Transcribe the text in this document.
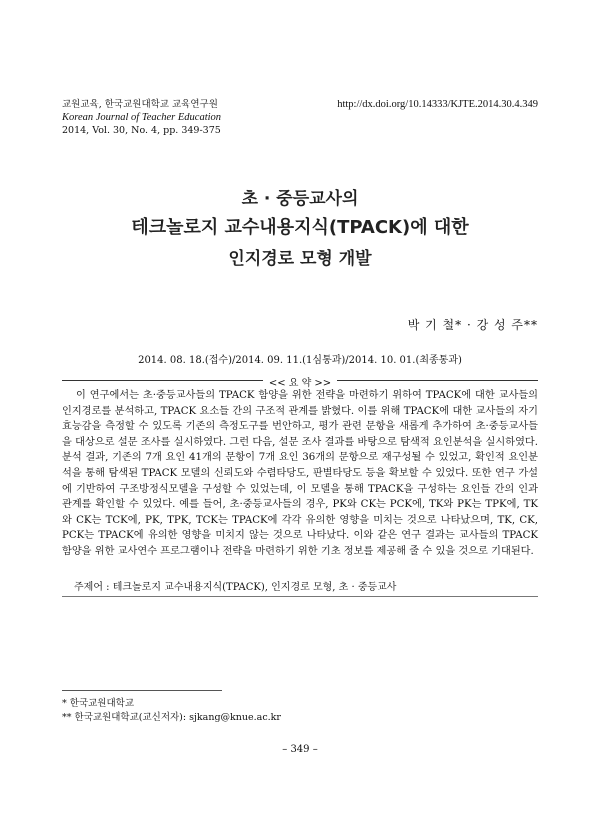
교원교육, 한국교원대학교 교육연구원
Korean Journal of Teacher Education
2014, Vol. 30, No. 4, pp. 349-375
http://dx.doi.org/10.14333/KJTE.2014.30.4.349
초 · 중등교사의
테크놀로지 교수내용지식(TPACK)에 대한
인지경로 모형 개발
박 기 철* · 강 성 주**
2014. 08. 18.(접수)/2014. 09. 11.(1심통과)/2014. 10. 01.(최종통과)
<< 요 약 >>
이 연구에서는 초·중등교사들의 TPACK 함양을 위한 전략을 마련하기 위하여 TPACK에 대한 교사들의 인지경로를 분석하고, TPACK 요소들 간의 구조적 관계를 밝혔다. 이를 위해 TPACK에 대한 교사들의 자기효능감을 측정할 수 있도록 기존의 측정도구를 번안하고, 평가 관련 문항을 새롭게 추가하여 초·중등교사들을 대상으로 설문 조사를 실시하였다. 그런 다음, 설문 조사 결과를 바탕으로 탐색적 요인분석을 실시하였다. 분석 결과, 기존의 7개 요인 41개의 문항이 7개 요인 36개의 문항으로 재구성될 수 있었고, 확인적 요인분석을 통해 탐색된 TPACK 모델의 신뢰도와 수렴타당도, 판별타당도 등을 확보할 수 있었다. 또한 연구 가설에 기반하여 구조방정식모델을 구성할 수 있었는데, 이 모델을 통해 TPACK을 구성하는 요인들 간의 인과 관계를 확인할 수 있었다. 예를 들어, 초·중등교사들의 경우, PK와 CK는 PCK에, TK와 PK는 TPK에, TK와 CK는 TCK에, PK, TPK, TCK는 TPACK에 각각 유의한 영향을 미치는 것으로 나타났으며, TK, CK, PCK는 TPACK에 유의한 영향을 미치지 않는 것으로 나타났다. 이와 같은 연구 결과는 교사들의 TPACK 함양을 위한 교사연수 프로그램이나 전략을 마련하기 위한 기초 정보를 제공해 줄 수 있을 것으로 기대된다.
주제어 : 테크놀로지 교수내용지식(TPACK), 인지경로 모형, 초 · 중등교사
* 한국교원대학교
** 한국교원대학교(교신저자): sjkang@knue.ac.kr
– 349 –
